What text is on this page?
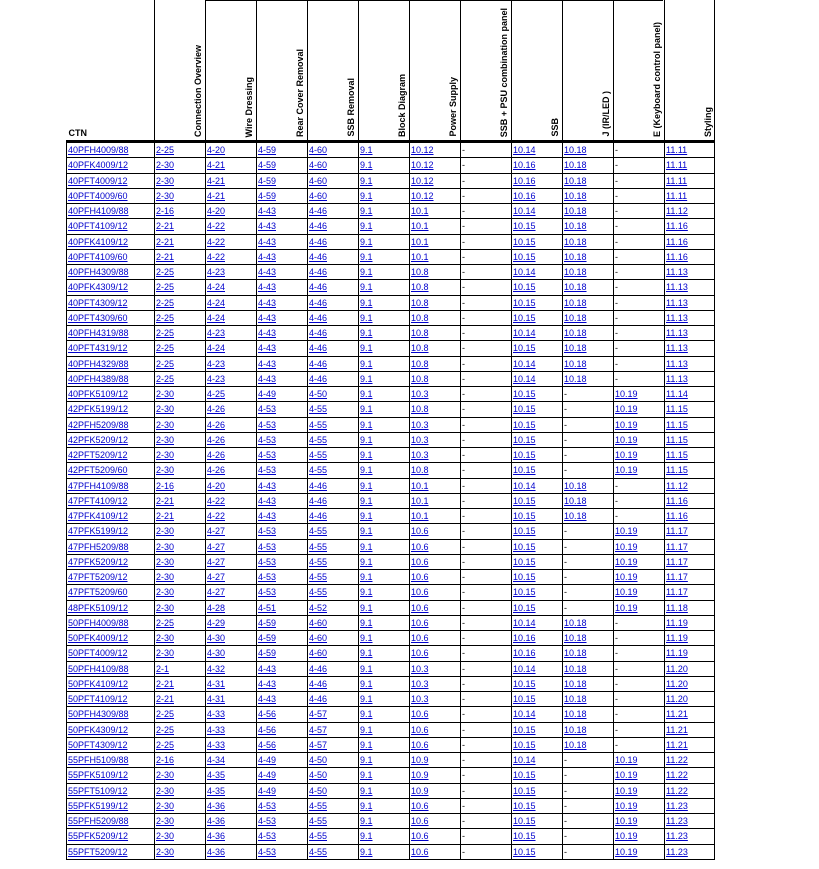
CTN	Connection Overview	Wire Dressing	Rear Cover Removal	SSB Removal	Block Diagram	Power Supply	SSB + PSU combination panel	SSB	J (IR/LED )	E (Keyboard control panel)	Styling

40PFH4009/88	2-25	4-20	4-59	4-60	9.1	10.12	-	10.14	10.18	-	11.11
40PFK4009/12	2-30	4-21	4-59	4-60	9.1	10.12	-	10.16	10.18	-	11.11
40PFT4009/12	2-30	4-21	4-59	4-60	9.1	10.12	-	10.16	10.18	-	11.11
40PFT4009/60	2-30	4-21	4-59	4-60	9.1	10.12	-	10.16	10.18	-	11.11
40PFH4109/88	2-16	4-20	4-43	4-46	9.1	10.1	-	10.14	10.18	-	11.12
40PFT4109/12	2-21	4-22	4-43	4-46	9.1	10.1	-	10.15	10.18	-	11.16
40PFK4109/12	2-21	4-22	4-43	4-46	9.1	10.1	-	10.15	10.18	-	11.16
40PFT4109/60	2-21	4-22	4-43	4-46	9.1	10.1	-	10.15	10.18	-	11.16
40PFH4309/88	2-25	4-23	4-43	4-46	9.1	10.8	-	10.14	10.18	-	11.13
40PFK4309/12	2-25	4-24	4-43	4-46	9.1	10.8	-	10.15	10.18	-	11.13
40PFT4309/12	2-25	4-24	4-43	4-46	9.1	10.8	-	10.15	10.18	-	11.13
40PFT4309/60	2-25	4-24	4-43	4-46	9.1	10.8	-	10.15	10.18	-	11.13
40PFH4319/88	2-25	4-23	4-43	4-46	9.1	10.8	-	10.14	10.18	-	11.13
40PFT4319/12	2-25	4-24	4-43	4-46	9.1	10.8	-	10.15	10.18	-	11.13
40PFH4329/88	2-25	4-23	4-43	4-46	9.1	10.8	-	10.14	10.18	-	11.13
40PFH4389/88	2-25	4-23	4-43	4-46	9.1	10.8	-	10.14	10.18	-	11.13
40PFK5109/12	2-30	4-25	4-49	4-50	9.1	10.3	-	10.15	-	10.19	11.14
42PFK5199/12	2-30	4-26	4-53	4-55	9.1	10.8	-	10.15	-	10.19	11.15
42PFH5209/88	2-30	4-26	4-53	4-55	9.1	10.3	-	10.15	-	10.19	11.15
42PFK5209/12	2-30	4-26	4-53	4-55	9.1	10.3	-	10.15	-	10.19	11.15
42PFT5209/12	2-30	4-26	4-53	4-55	9.1	10.3	-	10.15	-	10.19	11.15
42PFT5209/60	2-30	4-26	4-53	4-55	9.1	10.8	-	10.15	-	10.19	11.15
47PFH4109/88	2-16	4-20	4-43	4-46	9.1	10.1	-	10.14	10.18	-	11.12
47PFT4109/12	2-21	4-22	4-43	4-46	9.1	10.1	-	10.15	10.18	-	11.16
47PFK4109/12	2-21	4-22	4-43	4-46	9.1	10.1	-	10.15	10.18	-	11.16
47PFK5199/12	2-30	4-27	4-53	4-55	9.1	10.6	-	10.15	-	10.19	11.17
47PFH5209/88	2-30	4-27	4-53	4-55	9.1	10.6	-	10.15	-	10.19	11.17
47PFK5209/12	2-30	4-27	4-53	4-55	9.1	10.6	-	10.15	-	10.19	11.17
47PFT5209/12	2-30	4-27	4-53	4-55	9.1	10.6	-	10.15	-	10.19	11.17
47PFT5209/60	2-30	4-27	4-53	4-55	9.1	10.6	-	10.15	-	10.19	11.17
48PFK5109/12	2-30	4-28	4-51	4-52	9.1	10.6	-	10.15	-	10.19	11.18
50PFH4009/88	2-25	4-29	4-59	4-60	9.1	10.6	-	10.14	10.18	-	11.19
50PFK4009/12	2-30	4-30	4-59	4-60	9.1	10.6	-	10.16	10.18	-	11.19
50PFT4009/12	2-30	4-30	4-59	4-60	9.1	10.6	-	10.16	10.18	-	11.19
50PFH4109/88	2-1	4-32	4-43	4-46	9.1	10.3	-	10.14	10.18	-	11.20
50PFK4109/12	2-21	4-31	4-43	4-46	9.1	10.3	-	10.15	10.18	-	11.20
50PFT4109/12	2-21	4-31	4-43	4-46	9.1	10.3	-	10.15	10.18	-	11.20
50PFH4309/88	2-25	4-33	4-56	4-57	9.1	10.6	-	10.14	10.18	-	11.21
50PFK4309/12	2-25	4-33	4-56	4-57	9.1	10.6	-	10.15	10.18	-	11.21
50PFT4309/12	2-25	4-33	4-56	4-57	9.1	10.6	-	10.15	10.18	-	11.21
55PFH5109/88	2-16	4-34	4-49	4-50	9.1	10.9	-	10.14	-	10.19	11.22
55PFK5109/12	2-30	4-35	4-49	4-50	9.1	10.9	-	10.15	-	10.19	11.22
55PFT5109/12	2-30	4-35	4-49	4-50	9.1	10.9	-	10.15	-	10.19	11.22
55PFK5199/12	2-30	4-36	4-53	4-55	9.1	10.6	-	10.15	-	10.19	11.23
55PFH5209/88	2-30	4-36	4-53	4-55	9.1	10.6	-	10.15	-	10.19	11.23
55PFK5209/12	2-30	4-36	4-53	4-55	9.1	10.6	-	10.15	-	10.19	11.23
55PFT5209/12	2-30	4-36	4-53	4-55	9.1	10.6	-	10.15	-	10.19	11.23
